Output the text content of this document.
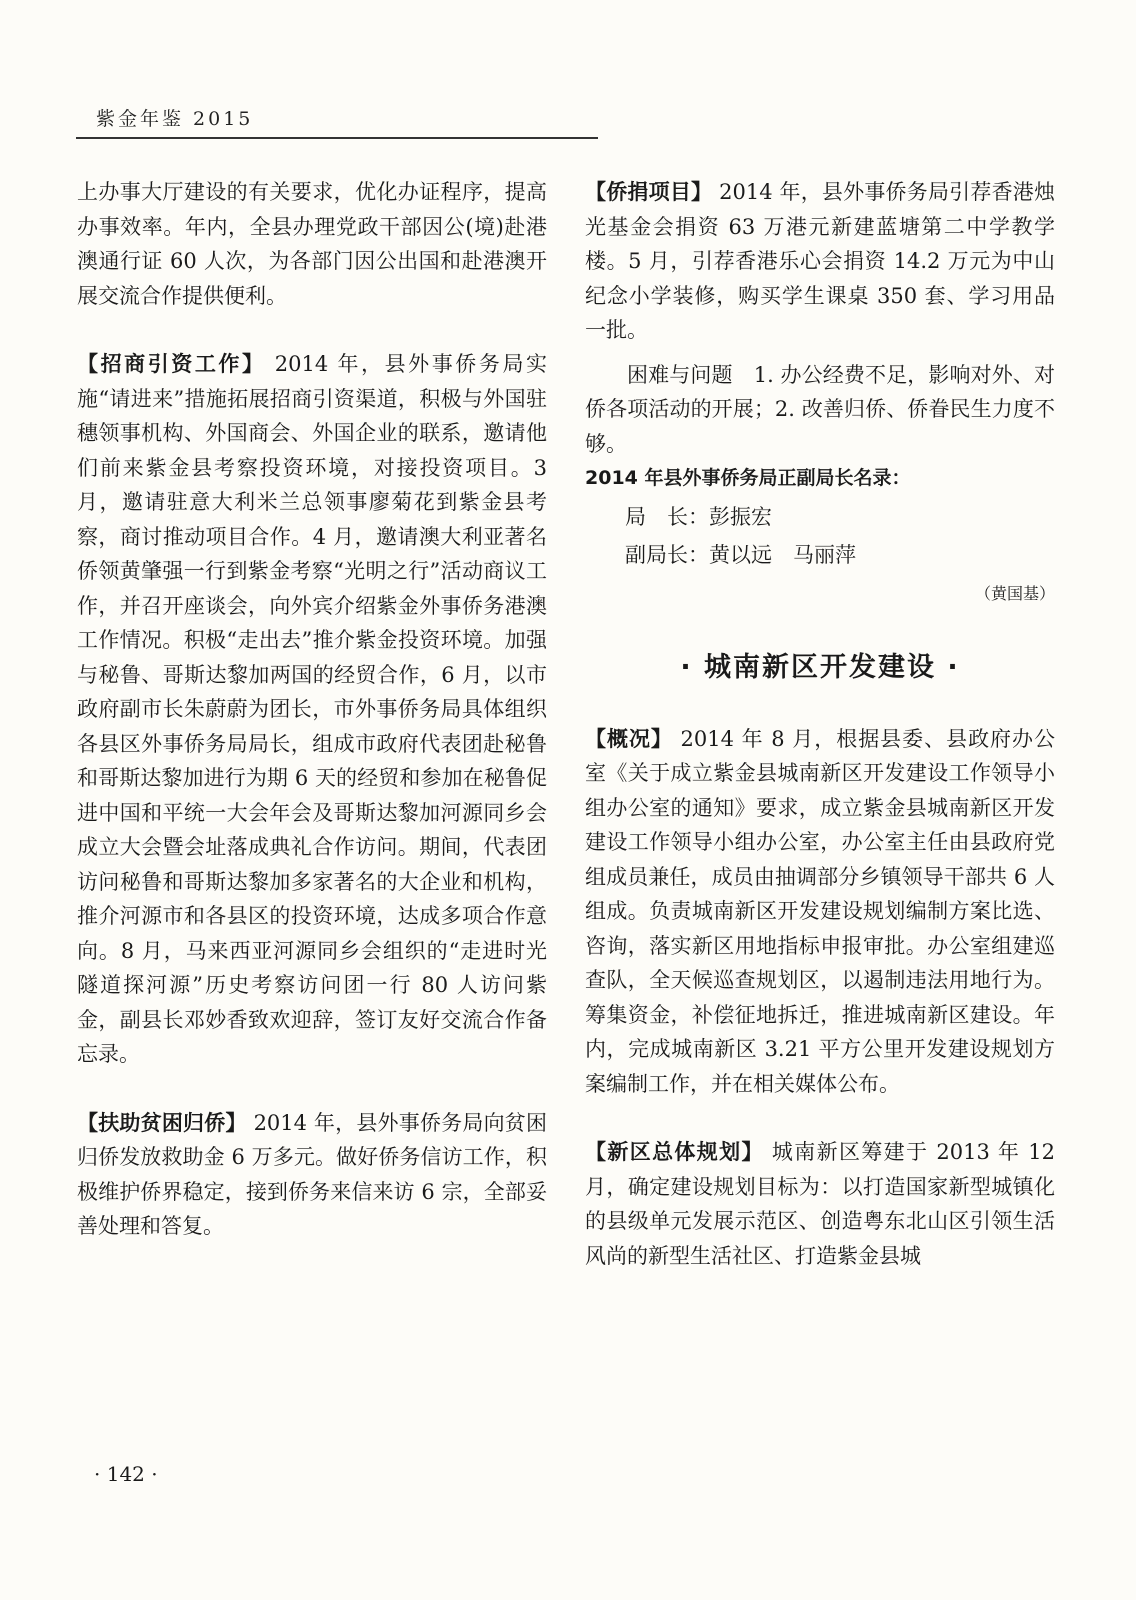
紫金年鉴 2015

上办事大厅建设的有关要求，优化办证程序，提高办事效率。年内，全县办理党政干部因公(境)赴港澳通行证 60 人次，为各部门因公出国和赴港澳开展交流合作提供便利。

【招商引资工作】 2014 年，县外事侨务局实施“请进来”措施拓展招商引资渠道，积极与外国驻穗领事机构、外国商会、外国企业的联系，邀请他们前来紫金县考察投资环境，对接投资项目。3 月，邀请驻意大利米兰总领事廖菊花到紫金县考察，商讨推动项目合作。4 月，邀请澳大利亚著名侨领黄肇强一行到紫金考察“光明之行”活动商议工作，并召开座谈会，向外宾介绍紫金外事侨务港澳工作情况。积极“走出去”推介紫金投资环境。加强与秘鲁、哥斯达黎加两国的经贸合作，6 月，以市政府副市长朱蔚蔚为团长，市外事侨务局具体组织各县区外事侨务局局长，组成市政府代表团赴秘鲁和哥斯达黎加进行为期 6 天的经贸和参加在秘鲁促进中国和平统一大会年会及哥斯达黎加河源同乡会成立大会暨会址落成典礼合作访问。期间，代表团访问秘鲁和哥斯达黎加多家著名的大企业和机构，推介河源市和各县区的投资环境，达成多项合作意向。8 月，马来西亚河源同乡会组织的“走进时光隧道探河源”历史考察访问团一行 80 人访问紫金，副县长邓妙香致欢迎辞，签订友好交流合作备忘录。

【扶助贫困归侨】 2014 年，县外事侨务局向贫困归侨发放救助金 6 万多元。做好侨务信访工作，积极维护侨界稳定，接到侨务来信来访 6 宗，全部妥善处理和答复。

【侨捐项目】 2014 年，县外事侨务局引荐香港烛光基金会捐资 63 万港元新建蓝塘第二中学教学楼。5 月，引荐香港乐心会捐资 14.2 万元为中山纪念小学装修，购买学生课桌 350 套、学习用品一批。

困难与问题　1. 办公经费不足，影响对外、对侨各项活动的开展；2. 改善归侨、侨眷民生力度不够。

2014 年县外事侨务局正副局长名录：

局　长：彭振宏

副局长：黄以远　马丽萍

（黄国基）

· 城南新区开发建设 ·

【概况】 2014 年 8 月，根据县委、县政府办公室《关于成立紫金县城南新区开发建设工作领导小组办公室的通知》要求，成立紫金县城南新区开发建设工作领导小组办公室，办公室主任由县政府党组成员兼任，成员由抽调部分乡镇领导干部共 6 人组成。负责城南新区开发建设规划编制方案比选、咨询，落实新区用地指标申报审批。办公室组建巡查队，全天候巡查规划区，以遏制违法用地行为。筹集资金，补偿征地拆迁，推进城南新区建设。年内，完成城南新区 3.21 平方公里开发建设规划方案编制工作，并在相关媒体公布。

【新区总体规划】 城南新区筹建于 2013 年 12 月，确定建设规划目标为：以打造国家新型城镇化的县级单元发展示范区、创造粤东北山区引领生活风尚的新型生活社区、打造紫金县城

· 142 ·
